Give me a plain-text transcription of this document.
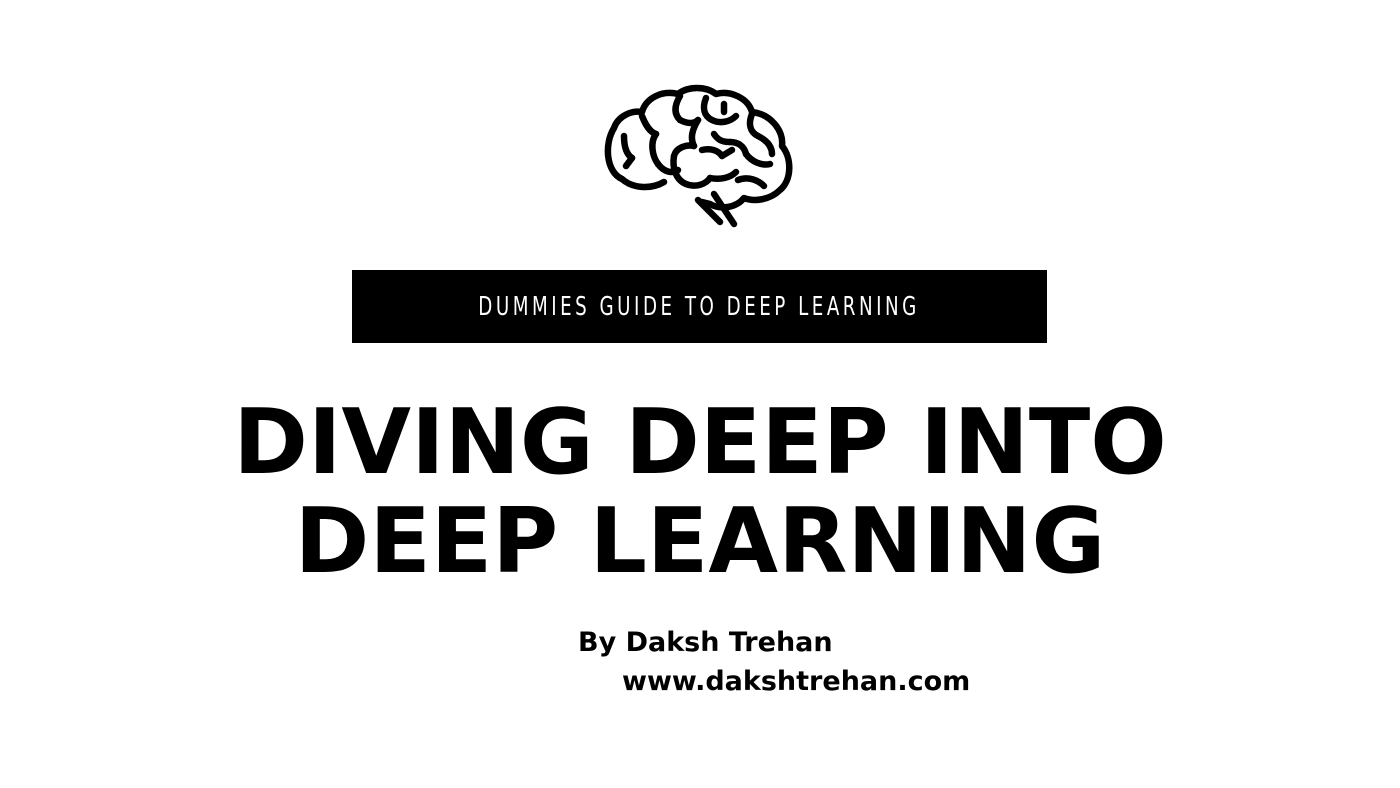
DUMMIES GUIDE TO DEEP LEARNING
DIVING DEEP INTO
DEEP LEARNING
By Daksh Trehan
www.dakshtrehan.com
